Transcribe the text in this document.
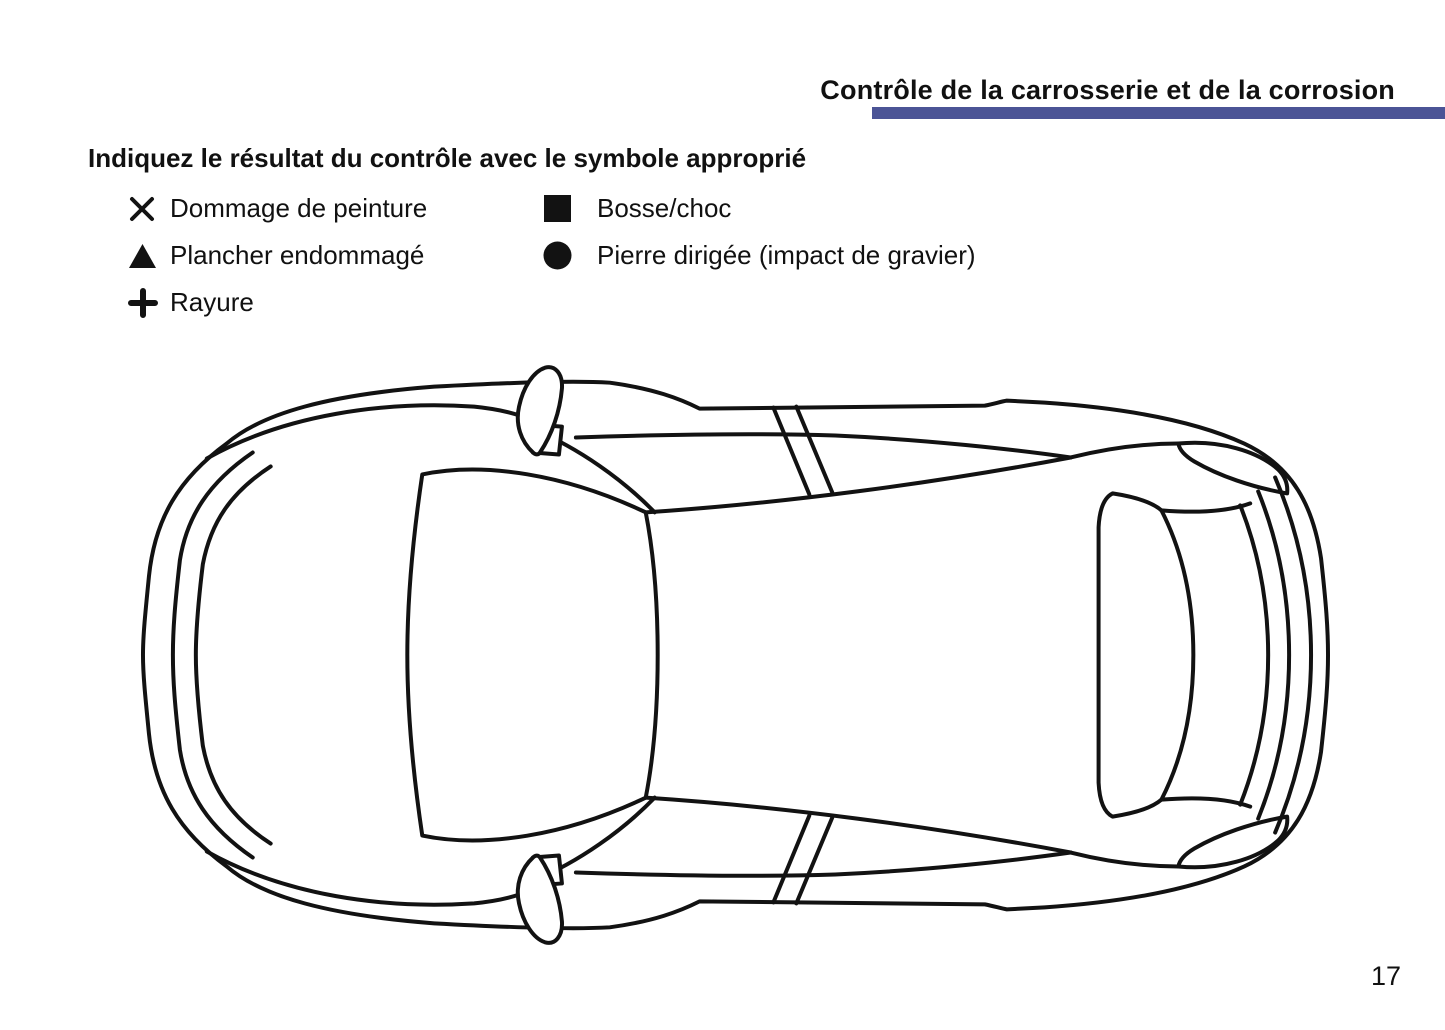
Contrôle de la carrosserie et de la corrosion
Indiquez le résultat du contrôle avec le symbole approprié
Dommage de peinture
Plancher endommagé
Rayure
Bosse/choc
Pierre dirigée (impact de gravier)
17
